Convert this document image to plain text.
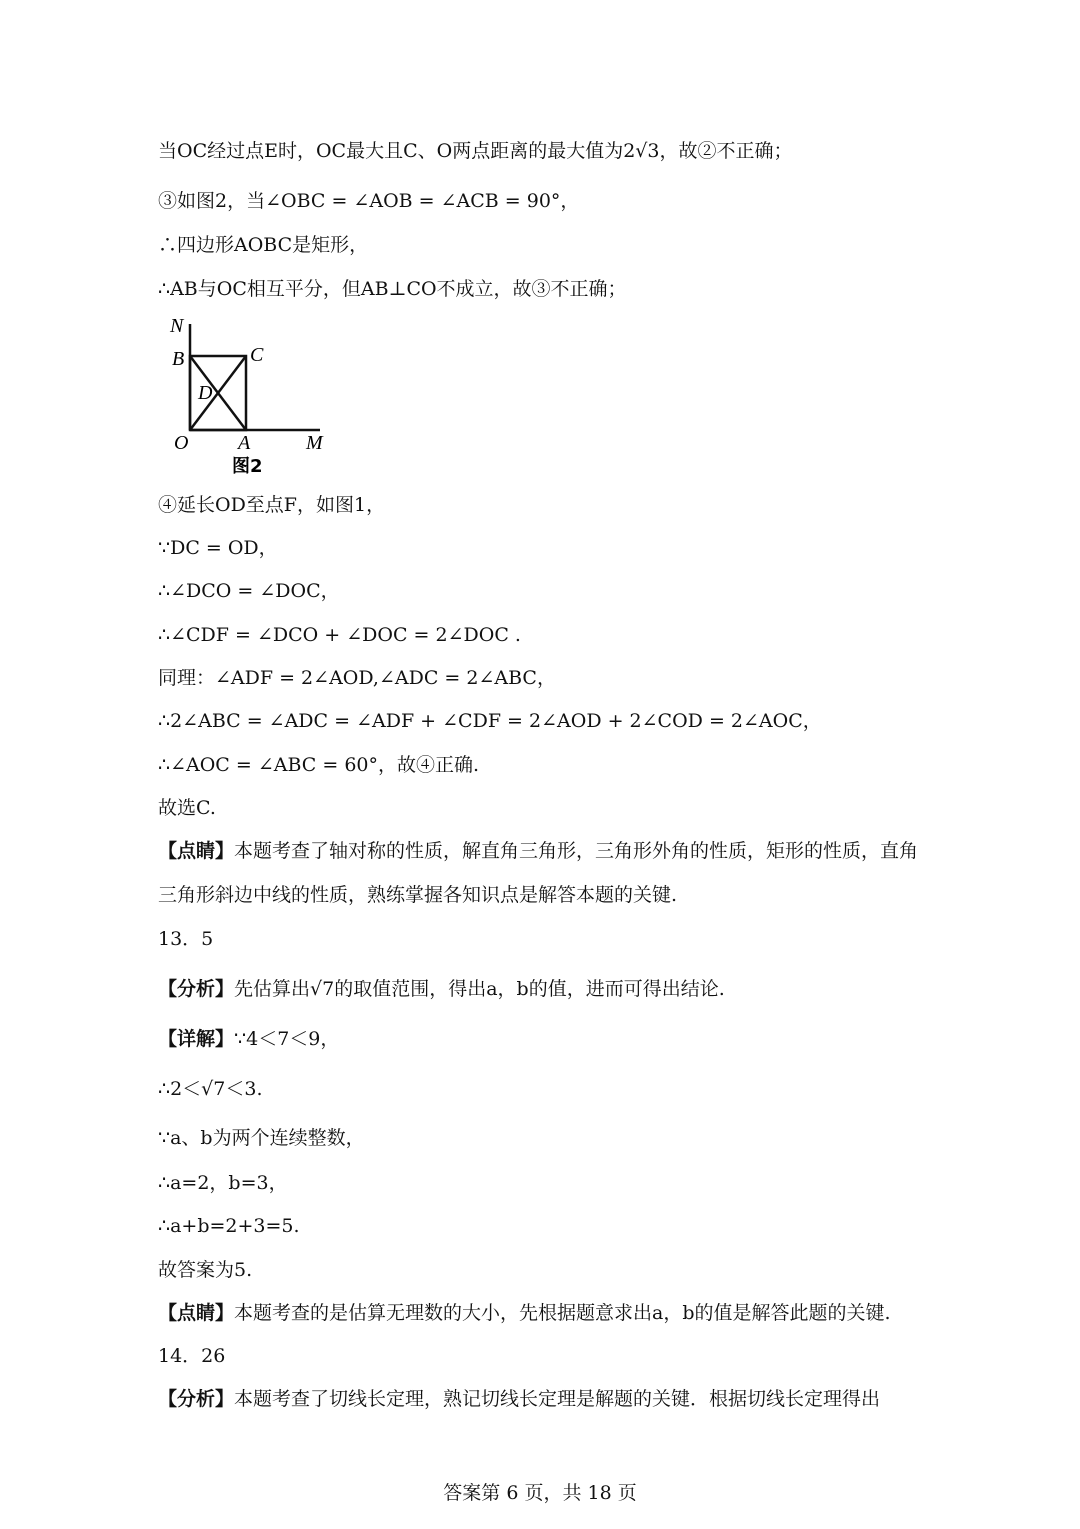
当OC经过点E时，OC最大且C、O两点距离的最大值为2√3，故②不正确；
③如图2，当∠OBC = ∠AOB = ∠ACB = 90°，
∴四边形AOBC是矩形，
∴AB与OC相互平分，但AB⊥CO不成立，故③不正确；
N
B	C
D
O A	M
图2
④延长OD至点F，如图1，
∵DC = OD，
∴∠DCO = ∠DOC，
∴∠CDF = ∠DCO + ∠DOC = 2∠DOC .
同理：∠ADF = 2∠AOD,∠ADC = 2∠ABC，
∴2∠ABC = ∠ADC = ∠ADF + ∠CDF = 2∠AOD + 2∠COD = 2∠AOC，
∴∠AOC = ∠ABC = 60°，故④正确.
故选C.
【点睛】本题考查了轴对称的性质，解直角三角形，三角形外角的性质，矩形的性质，直角
三角形斜边中线的性质，熟练掌握各知识点是解答本题的关键.
13．5
【分析】先估算出√7的取值范围，得出a，b的值，进而可得出结论.
【详解】∵4＜7＜9，
∴2＜√7＜3.
∵a、b为两个连续整数，
∴a=2，b=3，
∴a+b=2+3=5.
故答案为5.
【点睛】本题考查的是估算无理数的大小，先根据题意求出a，b的值是解答此题的关键.
14．26
【分析】本题考查了切线长定理，熟记切线长定理是解题的关键．根据切线长定理得出
答案第 6 页，共 18 页
